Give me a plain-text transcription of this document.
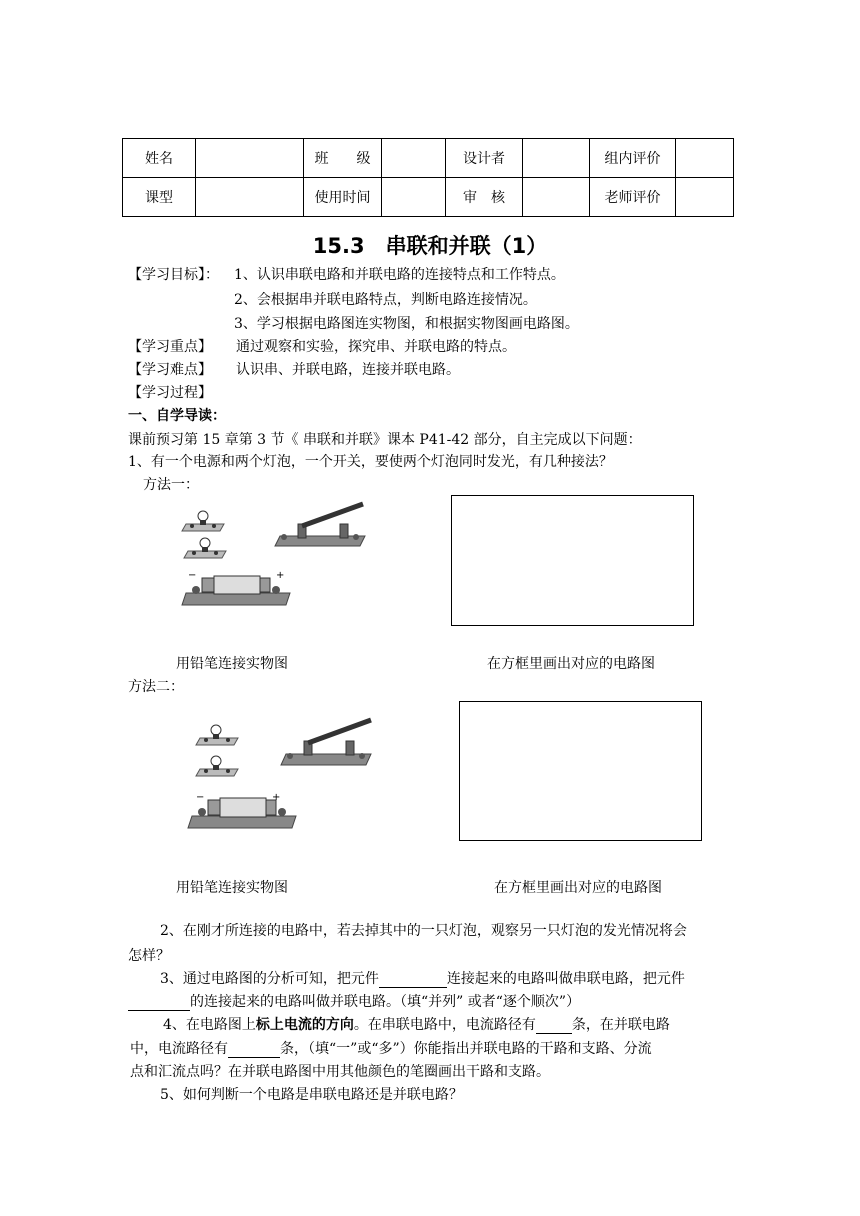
姓名		班　　级		设计者		组内评价	
课型		使用时间		审　核		老师评价	
15.3　串联和并联（1）
【学习目标】： 1、认识串联电路和并联电路的连接特点和工作特点。
2、会根据串并联电路特点，判断电路连接情况。
3、学习根据电路图连实物图，和根据实物图画电路图。
【学习重点】 通过观察和实验，探究串、并联电路的特点。
【学习难点】 认识串、并联电路，连接并联电路。
【学习过程】
一、自学导读：
课前预习第 15 章第 3 节《 串联和并联》课本 P41-42 部分，自主完成以下问题：
1、有一个电源和两个灯泡，一个开关，要使两个灯泡同时发光，有几种接法？
方法一：
−	+
用铅笔连接实物图	在方框里画出对应的电路图
方法二：
−	+
用铅笔连接实物图	在方框里画出对应的电路图
2、在刚才所连接的电路中，若去掉其中的一只灯泡，观察另一只灯泡的发光情况将会
怎样？
3、通过电路图的分析可知，把元件	连接起来的电路叫做串联电路，把元件
的连接起来的电路叫做并联电路。（填“并列” 或者“逐个顺次”）
4、在电路图上标上电流的方向。在串联电路中，电流路径有	条，在并联电路
中，电流路径有	条，（填“一”或“多”）你能指出并联电路的干路和支路、分流
点和汇流点吗？在并联电路图中用其他颜色的笔圈画出干路和支路。
5、如何判断一个电路是串联电路还是并联电路？
